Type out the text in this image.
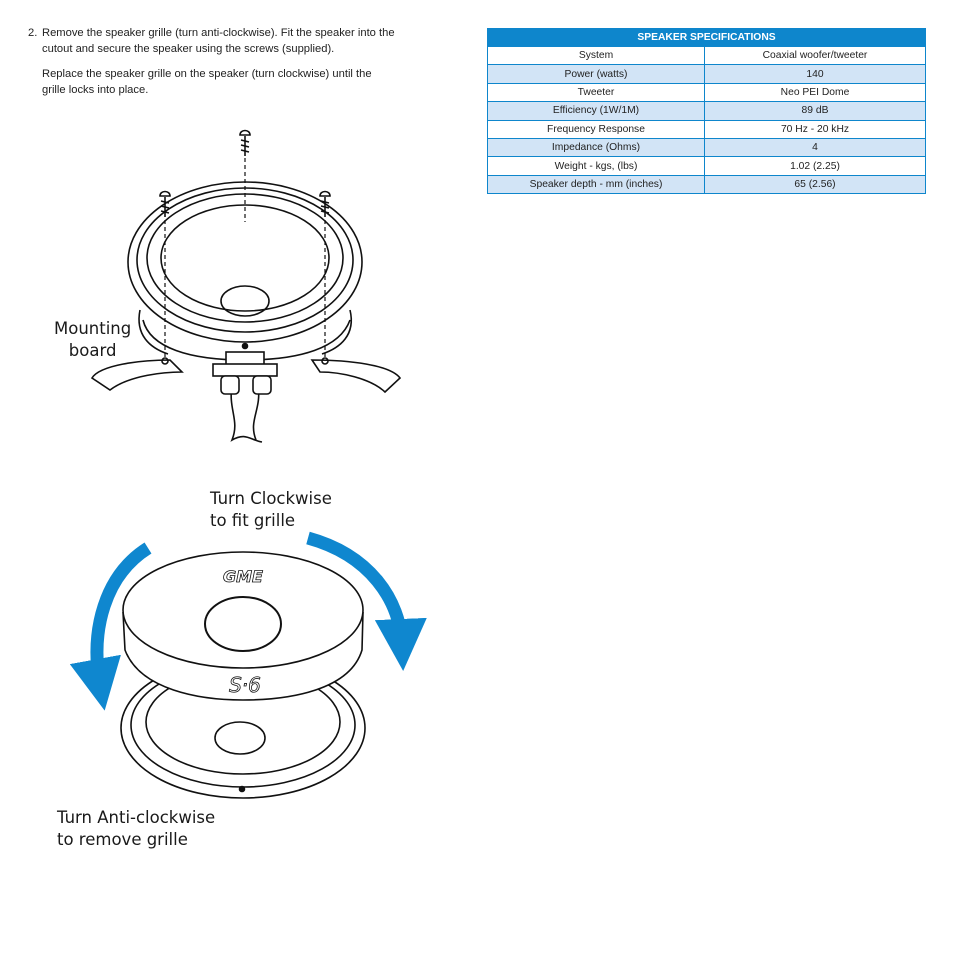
2. Remove the speaker grille (turn anti-clockwise). Fit the speaker into the cutout and secure the speaker using the screws (supplied).

Replace the speaker grille on the speaker (turn clockwise) until the grille locks into place.

GME
S·6
Mounting
board
Turn Clockwise
to fit grille
Turn Anti-clockwise
to remove grille
SPEAKER SPECIFICATIONS	
System	Coaxial woofer/tweeter
Power (watts)	140
Tweeter	Neo PEI Dome
Efficiency (1W/1M)	89 dB
Frequency Response	70 Hz - 20 kHz
Impedance (Ohms)	4
Weight - kgs, (lbs)	1.02 (2.25)
Speaker depth - mm (inches)	65 (2.56)
